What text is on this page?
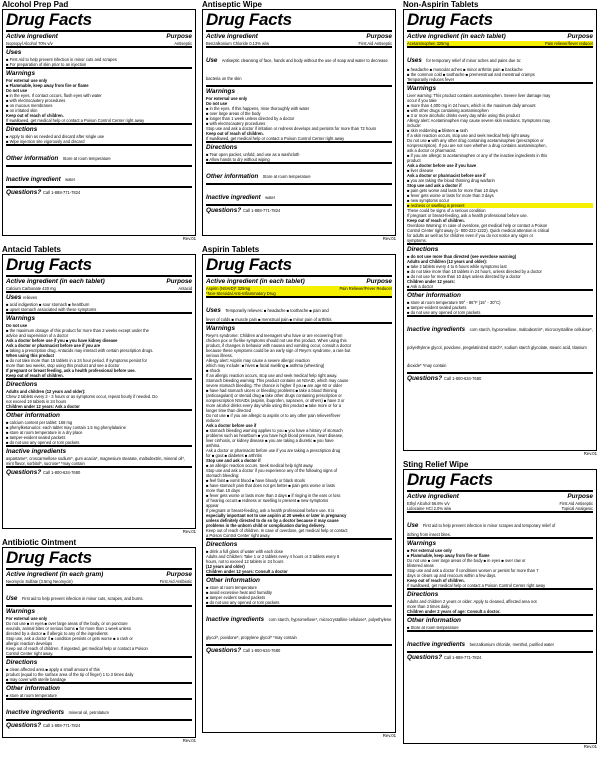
Alcohol Prep Pad
Drug Facts
Purpose
Active ingredient
Antiseptic
Isopropyl Alcohol 70% v/v
Uses
■ First Aid to help prevent infection in minor cuts and scrapes
■ For preparation of skin prior to an injection
Warnings
For external use only
■ Flammable, keep away from fire or flame
Do not use
■ in the eyes. If contact occurs, flush eyes with water
■ with electrocautery procedures
■ on mucous membranes
■ on irritated skin
Keep out of reach of children.
If swallowed, get medical help or contact a Poison Control Center right away
Directions
■ Apply to skin as needed and discard after single use
■ Wipe injection site vigorously and discard
Other information Store at room temperature
Inactive ingredient water
Questions? Call 1-888-771-7824
Rev.01
Antacid Tablets
Drug Facts
Purpose
Active ingredient (in each tablet)
Antacid
Calcium Carbonate 420 mg
Uses relieves
■ acid indigestion ■ sour stomach ■ heartburn
■ upset stomach associated with these symptoms
Warnings
Do not use
■ the maximum dosage of this product for more than 2 weeks except under the
advice and supervision of a doctor
Ask a doctor before use if you ■ you have kidney disease
Ask a doctor or pharmacist before use if you are
■ taking a prescription drug. Antacids may interact with certain prescription drugs.
When using this product
■ do not take more than 15 tablets in a 24 hour period. If symptoms persist for
more than two weeks, stop using this product and see a doctor
If pregnant or breast feeding, ask a health professional before use.
Keep out of reach of children.
Directions
Adults and children (12 years and older):
Chew 2 tablets every 2 - 3 hours or as symptoms occur, repeat hourly if needed. Do
not exceed 19 tablets in 24 hours
Children under 12 years: Ask a doctor
Other information
■ calcium content per tablet: 168 mg
■ phenylketonurics: each tablet may contain 1.5 mg phenylalanine
■ store at room temperature in a dry place
■ tamper-evident sealed packets
■ do not use any opened or torn packets
Inactive ingredients
aspartame*, croscarmellose sodium*, gum acacia*, magnesium stearate, maltodextrin, mineral oil*, mint flavor, sorbitol*, sucrose* *may contain
Questions? Call 1-800-634-7680
Rev.01
Antibiotic Ointment
Drug Facts
Purpose
Active ingredient (in each gram)
First Aid Antibiotic
Neomycin Sulfate (3.5mg Neomycin)
Use First aid to help prevent infection in minor cuts, scrapes, and burns.
Warnings
For external use only
Do not use ■ in eyes ■ over large areas of the body, or on puncture
wounds, animal bites or serious burns ■ for more than 1 week unless
directed by a doctor ■ if allergic to any of the ingredients
Stop use, ask a doctor if ■ condition persists or gets worse ■ a rash or
allergic reaction develops
Keep out of reach of children. If ingested, get medical help or contact a Poison
Control Center right away.
Directions
■ clean affected area ■ apply a small amount of this
product (equal to the surface area of the tip of finger) 1 to 3 times daily
■ may cover with sterile bandage
Other information
■ store at room temperature
Inactive ingredients mineral oil, petrolatum
Questions? Call 1-888-771-7824
Rev.01
Antiseptic Wipe
Drug Facts
Purpose
Active ingredient
First Aid Antiseptic
Benzalkonium Chloride 0.13% w/w
Use Antiseptic cleansing of face, hands and body without the use of soap and water to decrease bacteria on the skin
Warnings
For external use only
Do not use
■ in the eyes. If this happens, rinse thoroughly with water
■ over large areas of the body
■ longer than 1 week unless directed by a doctor
■ with electrocautery procedures
Stop use and ask a doctor if irritation or redness develops and persists for more than 72 hours
Keep out of reach of children.
If swallowed, get medical help or contact a Poison Control Center right away
Directions
■ Tear open packet, unfold, and use as a washcloth
■ Allow hands to dry without wiping
Other information Store at room temperature
Inactive ingredient water
Questions? Call 1-888-771-7824
Rev.01
Aspirin Tablets
Drug Facts
Purpose
Active ingredient (in each tablet)
Pain Reliever/Fever Reducer
Aspirin (NSAID)* 325mg
*Non-Steroidal Anti-Inflammatory Drug
Uses Temporarily relieves: ■ headache ■ toothache ■ pain and
fever of colds ■ muscle pain ■ menstrual pain ■ minor pain of arthritis
Warnings
Reye's syndrome: Children and teenagers who have or are recovering from
chicken pox or flu-like symptoms should not use this product. When using this
product, if changes in behavior with nausea and vomiting occur, consult a doctor
because these symptoms could be an early sign of Reye's syndrome, a rare but
serious illness.
Allergy alert: Aspirin may cause a severe allergic reaction
which may include: ■ hives ■ facial swelling ■ asthma (wheezing)
■ shock
If an allergic reaction occurs, stop use and seek medical help right away.
Stomach bleeding warning: This product contains an NSAID, which may cause
severe stomach bleeding. The chance is higher if you ■ are age 60 or older
■ have had stomach ulcers or bleeding problems ■ take a blood thinning
(anticoagulant) or steroid drug ■ take other drugs containing prescription or
nonprescription NSAIDs (aspirin, ibuprofen, naproxen, or others) ■ have 3 or
more alcohol drinks every day while using this product ■ take more or for a
longer time than directed
Do not use ■ if you are allergic to aspirin or to any other pain reliever/fever
reducer
Ask a doctor before use if
■ stomach bleeding warning applies to you ■ you have a history of stomach
problems such as heartburn ■ you have high blood pressure, heart disease,
liver cirrhosis, or kidney disease ■ you are taking a diuretic ■ you have
asthma
Ask a doctor or pharmacist before use if you are taking a prescription drug
for ■ gout ■ diabetes ■ arthritis
Stop use and ask a doctor if
■ an allergic reaction occurs. Seek medical help right away.
Stop use and ask a doctor if you experience any of the following signs of
stomach bleeding:
■ feel faint ■ vomit blood ■ have bloody or black stools
■ have stomach pain that does not get better ■ pain gets worse or lasts
more than 10 days
■ fever gets worse or lasts more than 3 days ■ if ringing in the ears or loss
of hearing occurs ■ redness or swelling is present ■ new symptoms
appear
If pregnant or breast-feeding, ask a health professional before use. It is
especially important not to use aspirin at 20 weeks or later in pregnancy
unless definitely directed to do so by a doctor because it may cause
problems in the unborn child or complication during delivery.
Keep out of reach of children. In case of overdose, get medical help or contact
a Poison Control Center right away.
Directions
■ drink a full glass of water with each dose
Adults and Children: Take 1 or 2 tablets every 4 hours or 3 tablets every 6
hours, not to exceed 12 tablets in 24 hours
(12 years and older)
Children under 12 years: Consult a doctor
Other information
■ store at room temperature
■ avoid excessive heat and humidity
■ tamper evident sealed packets
■ do not use any opened or torn packets
Inactive ingredients corn starch, hypromellose*, microcrystalline cellulose*, polyethylene glycol*, povidone*, propylene glycol* *may contain
Questions? Call 1-800-634-7680
Rev.01
Non-Aspirin Tablets
Drug Facts
Purpose
Active ingredient (in each tablet)
Pain reliever/fever reducer
Acetaminophen 325mg
Uses for temporary relief of minor aches and pains due to:
■ headache ■ muscular aches ■ minor arthritis pain ■ backache
■ the common cold ■ toothache ■ premenstrual and menstrual cramps
Temporarily reduces fever
Warnings
Liver warning: This product contains acetaminophen. Severe liver damage may
occur if you take
■ more than 4,000 mg in 24 hours, which is the maximum daily amount
■ with other drugs containing acetaminophen
■ 3 or more alcoholic drinks every day while using this product
Allergy alert: Acetaminophen may cause severe skin reactions. Symptoms may
include:
■ skin reddening ■ blisters ■ rash
If a skin reaction occurs, stop use and seek medical help right away.
Do not use ■ with any other drug containing acetaminophen (prescription or
nonprescription). If you are not sure whether a drug contains acetaminophen,
ask a doctor or pharmacist.
■ if you are allergic to acetaminophen or any of the inactive ingredients in this
product
Ask a doctor before use if you have
■ liver disease
Ask a doctor or pharmacist before use if
■ you are taking the blood thinning drug warfarin
Stop use and ask a doctor if
■ pain gets worse and lasts for more than 10 days
■ fever gets worse or lasts for more than 3 days
■ new symptoms occur
■ redness or swelling is present
These could be signs of a serious condition
If pregnant or breast-feeding, ask a health professional before use.
Keep out of reach of children.
Overdose Warning: In case of overdose, get medical help or contact a Poison
Control Center right away (1- 800-222-1222). Quick medical attention is critical
for adults as well as for children even if you do not notice any signs or
symptoms.
Directions
■ do not use more than directed (see overdose warning)
Adults and Children (12 years and older):
■ take 2 tablets every 4 to 6 hours while symptoms last
■ do not take more than 10 tablets in 24 hours, unless directed by a doctor
■ do not use for more than 10 days unless directed by a doctor
Children under 12 years:
■ Ask a doctor
Other information
■ store at room temperature 59° - 86°F (15° - 30°C)
■ tamper-evident sealed packets
■ do not use any opened or torn packets
Inactive ingredients corn starch, hypromellose, maltodextrin*, microcrystalline cellulose*, polyethylene glycol, povidone, pregelatinized starch*, sodium starch glycolate, stearic acid, titanium dioxide* *may contain
Questions? Call 1-800-634-7680
Rev.01
Sting Relief Wipe
Drug Facts
Purpose
Active ingredient
First Aid Antiseptic
Ethyl Alcohol 56.6% v/v
Topical Analgesic
Lidocaine HCl 2.0% w/w
Use First aid to help prevent infection in minor scrapes and temporary relief of
itching from insect bites.
Warnings
■ For external use only
■ Flammable, keep away from fire or flame
Do not use ■ over large areas of the body ■ in eyes ■ over raw or
blistered areas
Stop use and ask a doctor if conditions worsen or persist for more than 7
days or clears up and reoccurs within a few days.
Keep out of reach of children.
If swallowed, get medical help or contact a Poison Control Center right away
Directions
Adults and children 2 years or older: Apply to cleaned, affected area not
more than 3 times daily.
Children under 2 years of age: Consult a doctor.
Other information
■ Store at room temperature
Inactive ingredients benzalkonium chloride, menthol, purified water
Questions? Call 1-888-771-7824
Rev.01
